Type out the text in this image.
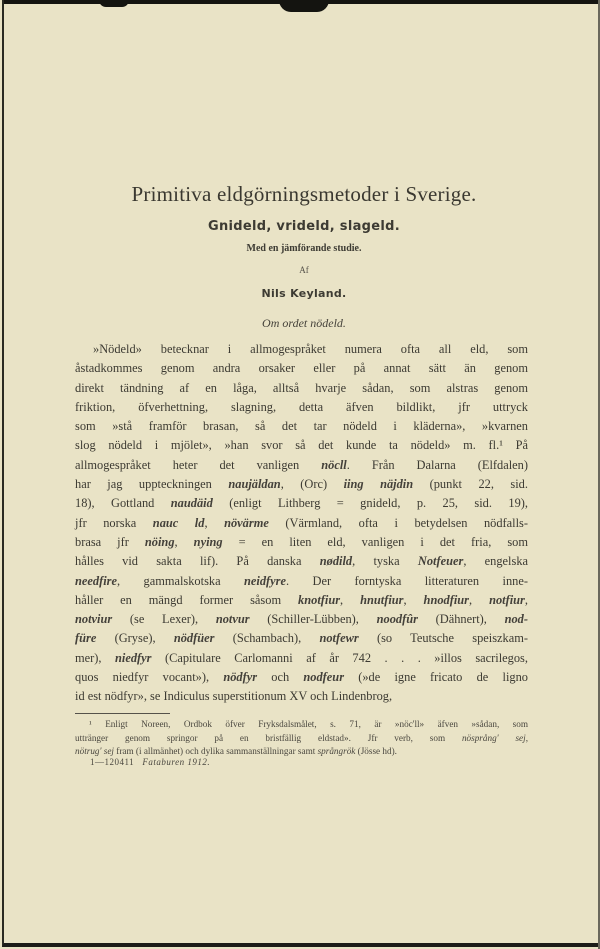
Primitiva eldgörningsmetoder i Sverige.
Gnideld, vrideld, slageld.
Med en jämförande studie.
Af
Nils Keyland.
Om ordet nödeld.
»Nödeld» betecknar i allmogespråket numera ofta all eld, som
åstadkommes genom andra orsaker eller på annat sätt än genom
direkt tändning af en låga, alltså hvarje sådan, som alstras genom
friktion, öfverhettning, slagning, detta äfven bildlikt, jfr uttryck
som »stå framför brasan, så det tar nödeld i kläderna», »kvarnen
slog nödeld i mjölet», »han svor så det kunde ta nödeld» m. fl.¹ På
allmogespråket heter det vanligen nöcll. Från Dalarna (Elfdalen)
har jag uppteckningen naujäldan, (Orc) iing näjdin (punkt 22, sid.
18), Gottland naudäid (enligt Lithberg = gnideld, p. 25, sid. 19),
jfr norska nauc ld, növärme (Värmland, ofta i betydelsen nödfalls-
brasa jfr nöing, nying = en liten eld, vanligen i det fria, som
hålles vid sakta lif). På danska nødild, tyska Notfeuer, engelska
needfire, gammalskotska neidfyre. Der forntyska litteraturen inne-
håller en mängd former såsom knotfiur, hnutfiur, hnodfiur, notfiur,
notviur (se Lexer), notvur (Schiller-Lübben), noodfûr (Dähnert), nod-
füre (Gryse), nödfüer (Schambach), notfewr (so Teutsche speiszkam-
mer), niedfyr (Capitulare Carlomanni af år 742 . . . »illos sacrilegos,
quos niedfyr vocant»), nödfyr och nodfeur (»de igne fricato de ligno
id est nödfyr», se Indiculus superstitionum XV och Lindenbrog,
¹ Enligt Noreen, Ordbok öfver Fryksdalsmålet, s. 71, är »nöc'll» äfven »sådan, som
uttränger genom springor på en bristfällig eldstad». Jfr verb, som nösprång' sej,
nötrug' sej fram (i allmänhet) och dylika sammanställningar samt språngrök (Jösse hd).
1—120411 Fataburen 1912.
